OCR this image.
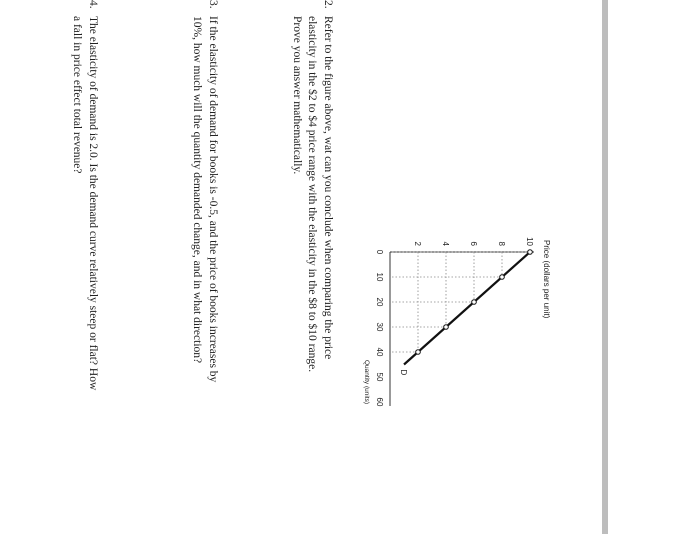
Price (dollars per unit)
2 4 6 8 10
0
10
20
30
40
50
60
Quantity (units)	D
2.
Refer to the figure above, wat can you conclude when comparing the price
elasticity in the $2 to $4 price range with the elasticity in the $8 to $10 range.
Prove you answer mathematically.
3.
If the elasticity of demand for books is -0.5, and the price of books increases by
10%, how much will the quantity demanded change, and in what direction?
4.
The elasticity of demand is 2.0. Is the demand curve relatively steep or flat? How
a fall in price effect total revenue?
